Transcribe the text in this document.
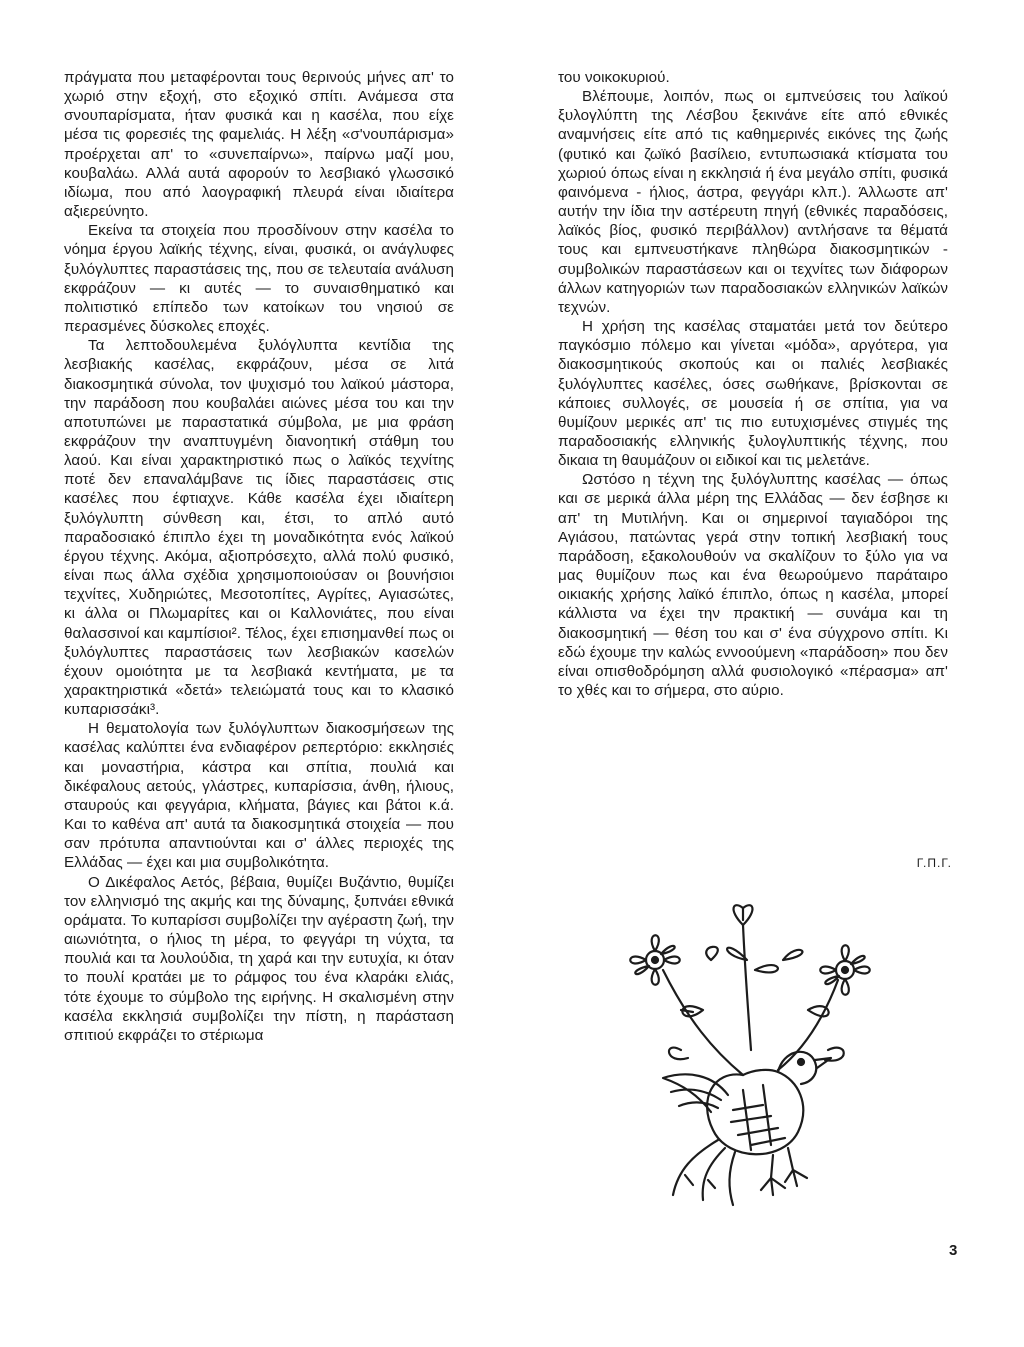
πράγματα που μεταφέρονται τους θερινούς μήνες απ' το χωριό στην εξοχή, στο εξοχικό σπίτι. Ανάμεσα στα σνουπαρίσματα, ήταν φυσικά και η κασέλα, που είχε μέσα τις φορεσιές της φαμελιάς. Η λέξη «σ'νουπάρισμα» προέρχεται απ' το «συνεπαίρνω», παίρνω μαζί μου, κουβαλάω. Αλλά αυτά αφορούν το λεσβιακό γλωσσικό ιδίωμα, που από λαογραφική πλευρά είναι ιδιαίτερα αξιερεύνητο.

Εκείνα τα στοιχεία που προσδίνουν στην κασέλα το νόημα έργου λαϊκής τέχνης, είναι, φυσικά, οι ανάγλυφες ξυλόγλυπτες παραστάσεις της, που σε τελευταία ανάλυση εκφράζουν — κι αυτές — το συναισθηματικό και πολιτιστικό επίπεδο των κατοίκων του νησιού σε περασμένες δύσκολες εποχές.

Τα λεπτοδουλεμένα ξυλόγλυπτα κεντίδια της λεσβιακής κασέλας, εκφράζουν, μέσα σε λιτά διακοσμητικά σύνολα, τον ψυχισμό του λαϊκού μάστορα, την παράδοση που κουβαλάει αιώνες μέσα του και την αποτυπώνει με παραστατικά σύμβολα, με μια φράση εκφράζουν την αναπτυγμένη διανοητική στάθμη του λαού. Και είναι χαρακτηριστικό πως ο λαϊκός τεχνίτης ποτέ δεν επαναλάμβανε τις ίδιες παραστάσεις στις κασέλες που έφτιαχνε. Κάθε κασέλα έχει ιδιαίτερη ξυλόγλυπτη σύνθεση και, έτσι, το απλό αυτό παραδοσιακό έπιπλο έχει τη μοναδικότητα ενός λαϊκού έργου τέχνης. Ακόμα, αξιοπρόσεχτο, αλλά πολύ φυσικό, είναι πως άλλα σχέδια χρησιμοποιούσαν οι βουνήσιοι τεχνίτες, Χυδηριώτες, Μεσοτοπίτες, Αγρίτες, Αγιασώτες, κι άλλα οι Πλωμαρίτες και οι Καλλονιάτες, που είναι θαλασσινοί και καμπίσιοι². Τέλος, έχει επισημανθεί πως οι ξυλόγλυπτες παραστάσεις των λεσβιακών κασελών έχουν ομοιότητα με τα λεσβιακά κεντήματα, με τα χαρακτηριστικά «δετά» τελειώματά τους και το κλασικό κυπαρισσάκι³.

Η θεματολογία των ξυλόγλυπτων διακοσμήσεων της κασέλας καλύπτει ένα ενδιαφέρον ρεπερτόριο: εκκλησιές και μοναστήρια, κάστρα και σπίτια, πουλιά και δικέφαλους αετούς, γλάστρες, κυπαρίσσια, άνθη, ήλιους, σταυρούς και φεγγάρια, κλήματα, βάγιες και βάτοι κ.ά. Και το καθένα απ' αυτά τα διακοσμητικά στοιχεία — που σαν πρότυπα απαντιούνται και σ' άλλες περιοχές της Ελλάδας — έχει και μια συμβολικότητα.

Ο Δικέφαλος Αετός, βέβαια, θυμίζει Βυζάντιο, θυμίζει τον ελληνισμό της ακμής και της δύναμης, ξυπνάει εθνικά οράματα. Το κυπαρίσσι συμβολίζει την αγέραστη ζωή, την αιωνιότητα, ο ήλιος τη μέρα, το φεγγάρι τη νύχτα, τα πουλιά και τα λουλούδια, τη χαρά και την ευτυχία, κι όταν το πουλί κρατάει με το ράμφος του ένα κλαράκι ελιάς, τότε έχουμε το σύμβολο της ειρήνης. Η σκαλισμένη στην κασέλα εκκλησιά συμβολίζει την πίστη, η παράσταση σπιτιού εκφράζει το στέριωμα

του νοικοκυριού.

Βλέπουμε, λοιπόν, πως οι εμπνεύσεις του λαϊκού ξυλογλύπτη της Λέσβου ξεκινάνε είτε από εθνικές αναμνήσεις είτε από τις καθημερινές εικόνες της ζωής (φυτικό και ζωϊκό βασίλειο, εντυπωσιακά κτίσματα του χωριού όπως είναι η εκκλησιά ή ένα μεγάλο σπίτι, φυσικά φαινόμενα - ήλιος, άστρα, φεγγάρι κλπ.). Άλλωστε απ' αυτήν την ίδια την αστέρευτη πηγή (εθνικές παραδόσεις, λαϊκός βίος, φυσικό περιβάλλον) αντλήσανε τα θέματά τους και εμπνευστήκανε πληθώρα διακοσμητικών - συμβολικών παραστάσεων και οι τεχνίτες των διάφορων άλλων κατηγοριών των παραδοσιακών ελληνικών λαϊκών τεχνών.

Η χρήση της κασέλας σταματάει μετά τον δεύτερο παγκόσμιο πόλεμο και γίνεται «μόδα», αργότερα, για διακοσμητικούς σκοπούς και οι παλιές λεσβιακές ξυλόγλυπτες κασέλες, όσες σωθήκανε, βρίσκονται σε κάποιες συλλογές, σε μουσεία ή σε σπίτια, για να θυμίζουν μερικές απ' τις πιο ευτυχισμένες στιγμές της παραδοσιακής ελληνικής ξυλογλυπτικής τέχνης, που δικαια τη θαυμάζουν οι ειδικοί και τις μελετάνε.

Ωστόσο η τέχνη της ξυλόγλυπτης κασέλας — όπως και σε μερικά άλλα μέρη της Ελλάδας — δεν έσβησε κι απ' τη Μυτιλήνη. Και οι σημερινοί ταγιαδόροι της Αγιάσου, πατώντας γερά στην τοπική λεσβιακή τους παράδοση, εξακολουθούν να σκαλίζουν το ξύλο για να μας θυμίζουν πως και ένα θεωρούμενο παράταιρο οικιακής χρήσης λαϊκό έπιπλο, όπως η κασέλα, μπορεί κάλλιστα να έχει την πρακτική — συνάμα και τη διακοσμητική — θέση του και σ' ένα σύγχρονο σπίτι. Κι εδώ έχουμε την καλώς εννοούμενη «παράδοση» που δεν είναι οπισθοδρόμηση αλλά φυσιολογικό «πέρασμα» απ' το χθές και το σήμερα, στο αύριο.

Γ.Π.Γ.
3
